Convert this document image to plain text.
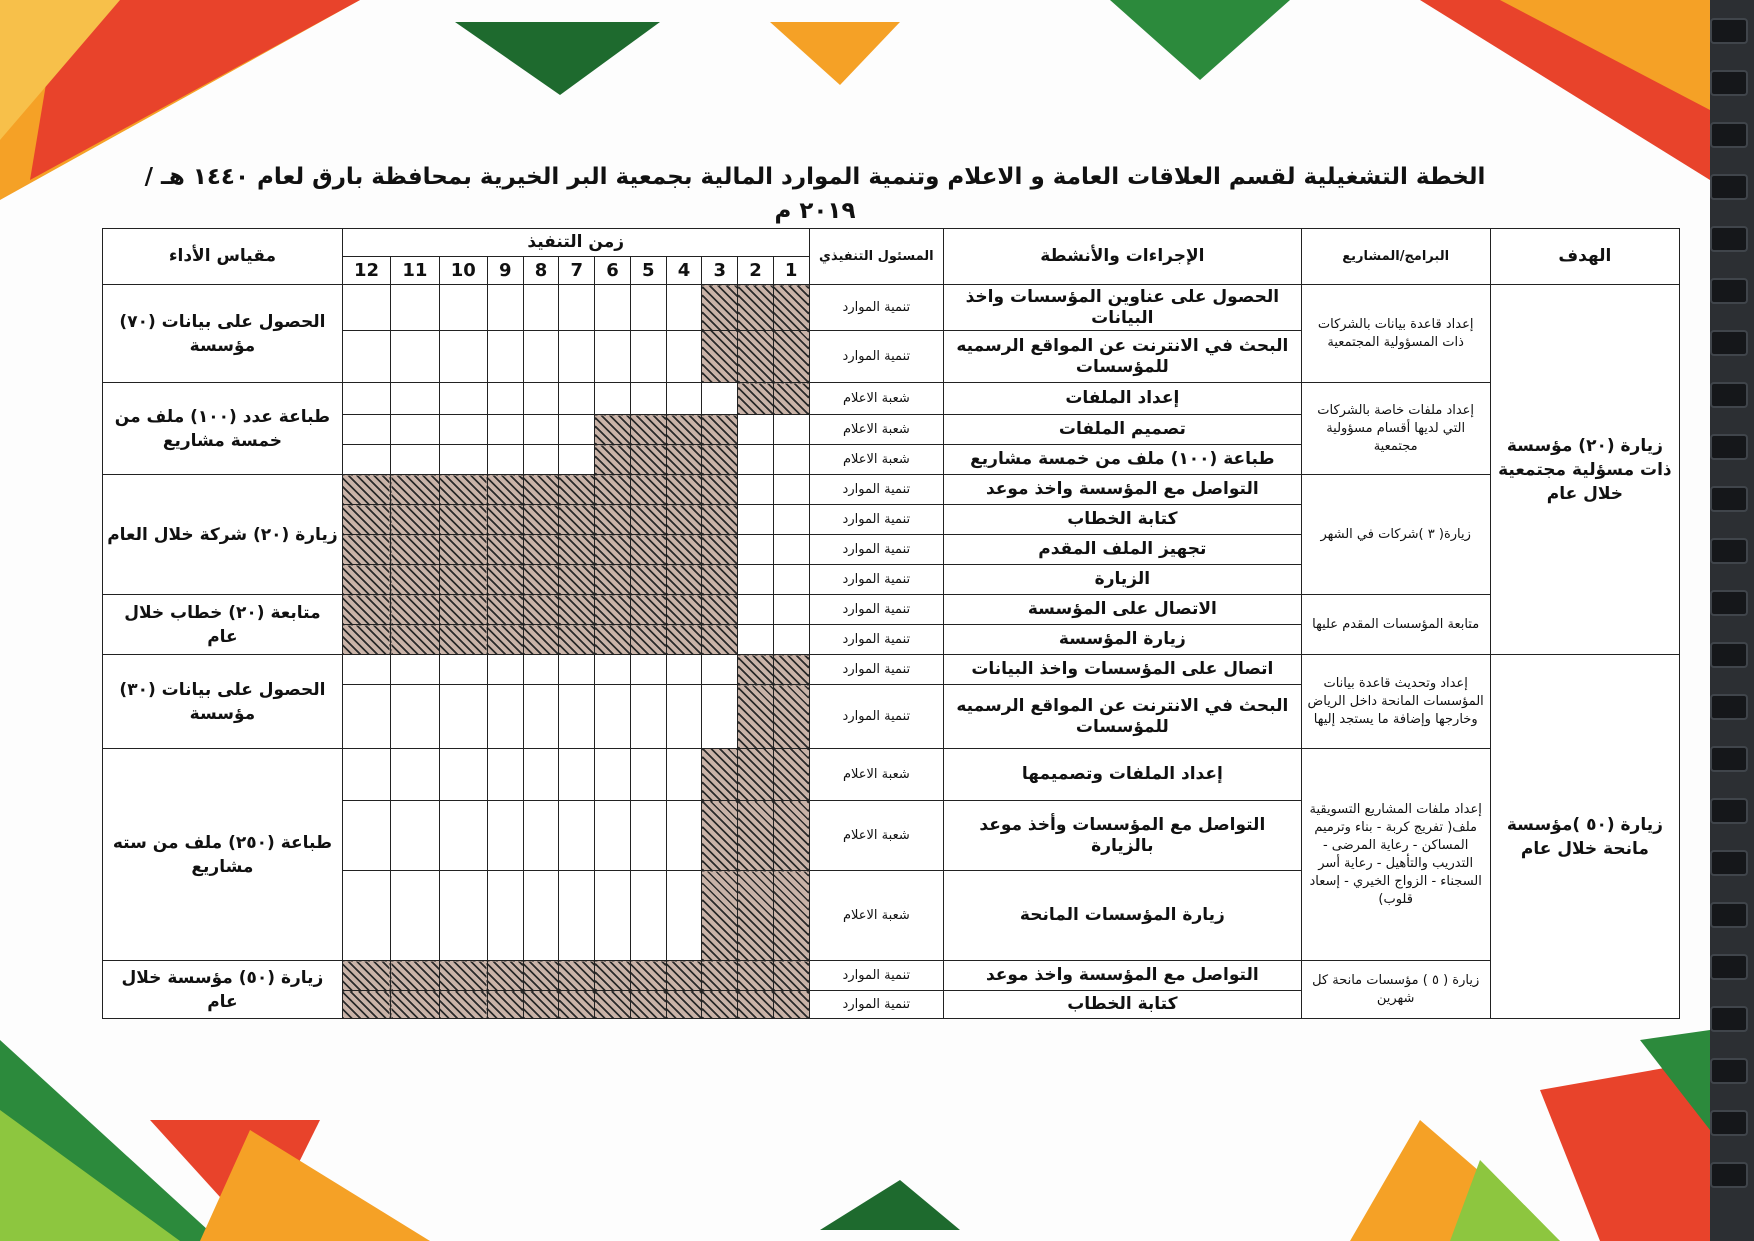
الخطة التشغيلية لقسم العلاقات العامة و الاعلام وتنمية الموارد المالية بجمعية البر الخيرية بمحافظة بارق لعام ١٤٤٠ هـ / ٢٠١٩ م
الهدف	البرامج/المشاريع	الإجراءات والأنشطة	المسئول التنفيذي	زمن التنفيذ												مقياس الأداء
				1	2	3	4	5	6	7	8	9	10	11	12	
زيارة (٢٠) مؤسسة ذات مسؤلية مجتمعية خلال عام	إعداد قاعدة بيانات بالشركات ذات المسؤولية المجتمعية	الحصول على عناوين المؤسسات واخذ البيانات	تنمية الموارد													الحصول على بيانات (٧٠) مؤسسة
		البحث في الانترنت عن المواقع الرسميه للمؤسسات	تنمية الموارد													
	إعداد ملفات خاصة بالشركات التي لديها أقسام مسؤولية مجتمعية	إعداد الملفات	شعبة الاعلام													طباعة عدد (١٠٠) ملف من خمسة مشاريع
		تصميم الملفات	شعبة الاعلام													
		طباعة (١٠٠) ملف من خمسة مشاريع	شعبة الاعلام													
	زيارة( ٣ )شركات في الشهر	التواصل مع المؤسسة واخذ موعد	تنمية الموارد													زيارة (٢٠) شركة خلال العام
		كتابة الخطاب	تنمية الموارد													
		تجهيز الملف المقدم	تنمية الموارد													
		الزيارة	تنمية الموارد													
	متابعة المؤسسات المقدم عليها	الاتصال على المؤسسة	تنمية الموارد													متابعة (٢٠) خطاب خلال عام
		زيارة المؤسسة	تنمية الموارد													
زيارة (٥٠ )مؤسسة مانحة خلال عام	إعداد وتحديث قاعدة بيانات المؤسسات المانحة داخل الرياض وخارجها وإضافة ما يستجد إليها	اتصال على المؤسسات واخذ البيانات	تنمية الموارد													الحصول على بيانات (٣٠) مؤسسة
		البحث في الانترنت عن المواقع الرسميه للمؤسسات	تنمية الموارد													
	إعداد ملفات المشاريع التسويقية ملف( تفريج كربة - بناء وترميم المساكن - رعاية المرضى - التدريب والتأهيل - رعاية أسر السجناء - الزواج الخيري - إسعاد قلوب)	إعداد الملفات وتصميمها	شعبة الاعلام													طباعة (٢٥٠) ملف من سته مشاريع
		التواصل مع المؤسسات وأخذ موعد بالزيارة	شعبة الاعلام													
		زيارة المؤسسات المانحة	شعبة الاعلام													
	زيارة ( ٥ ) مؤسسات مانحة كل شهرين	التواصل مع المؤسسة واخذ موعد	تنمية الموارد													زيارة (٥٠) مؤسسة خلال عام
		كتابة الخطاب	تنمية الموارد													
